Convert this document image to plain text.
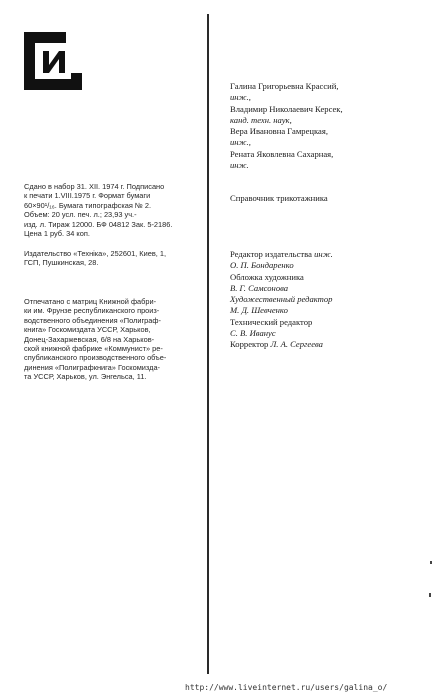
Сдано в набор 31. XII. 1974 г. Подписано
к печати 1.VIII.1975 г. Формат бумаги
60×90¹/₁₆. Бумага типографская № 2.
Объем: 20 усл. печ. л.; 23,93 уч.-
изд. л. Тираж 12000. БФ 04812 Зак. 5-2186.
Цена 1 руб. 34 коп.
Издательство «Техніка», 252601, Киев, 1,
ГСП, Пушкинская, 28.
Отпечатано с матриц Книжной фабри-
ки им. Фрунзе республиканского произ-
водственного объединения «Полиграф-
книга» Госкомиздата УССР, Харьков,
Донец-Захаржевская, 6/8 на Харьков-
ской книжной фабрике «Коммунист» ре-
спубликанского производственного объе-
динения «Полиграфкнига» Госкомизда-
та УССР, Харьков, ул. Энгельса, 11.
Галина Григорьевна Крассий,
инж.,
Владимир Николаевич Керсек,
канд. техн. наук,
Вера Ивановна Гамрецкая,
инж.,
Рената Яковлевна Сахарная,
инж.
Справочник трикотажника
Редактор издательства инж.
О. П. Бондаренко
Обложка художника
В. Г. Самсонова
Художественный редактор
М. Д. Шевченко
Технический редактор
С. В. Иванус
Корректор Л. А. Сергеева
http://www.liveinternet.ru/users/galina_o/
